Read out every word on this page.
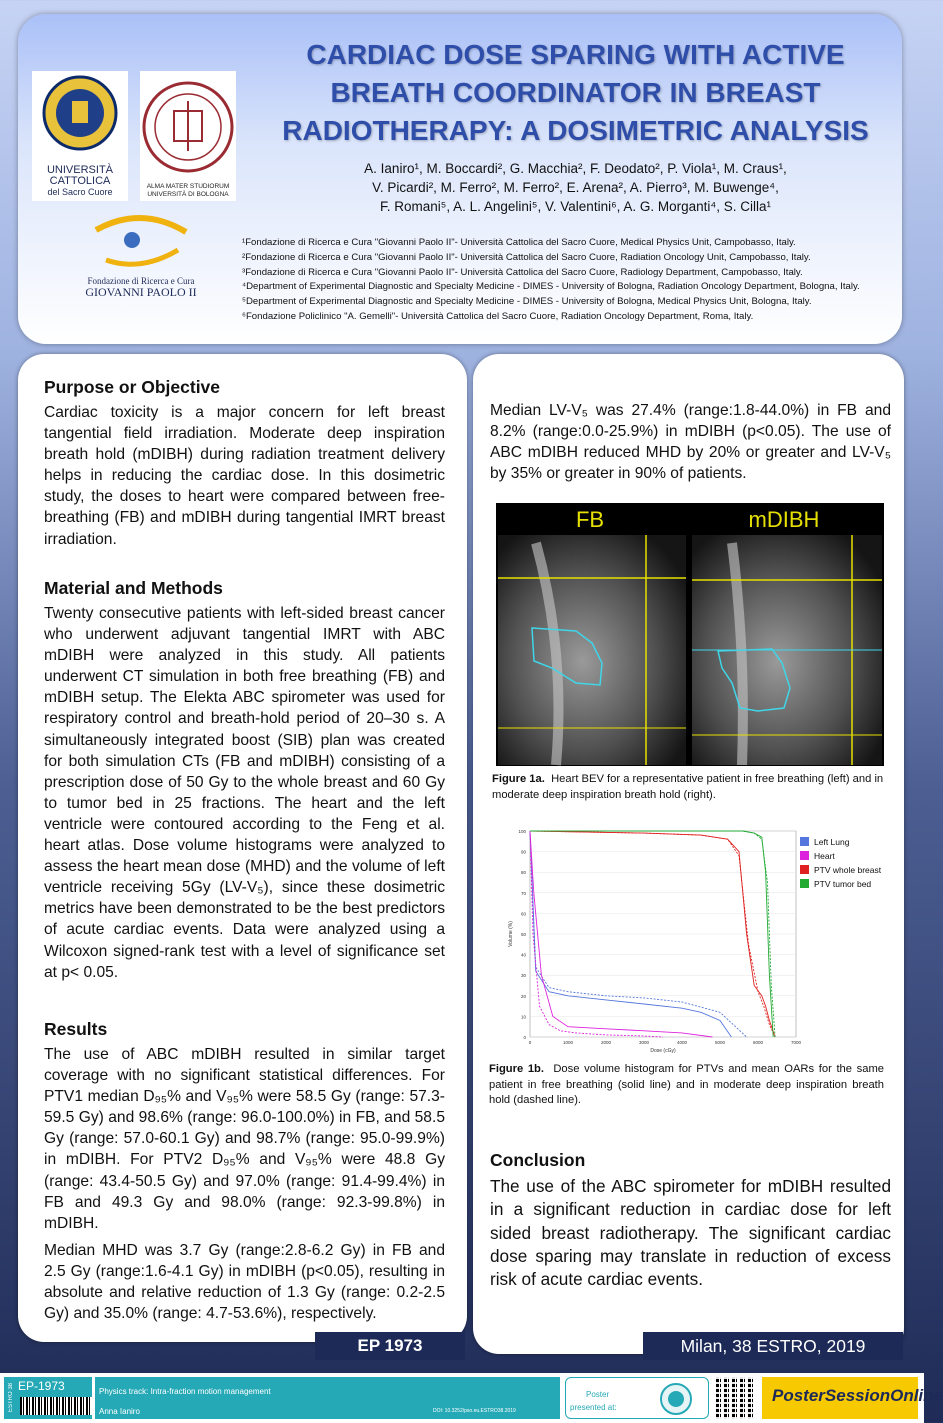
UNIVERSITÀ
CATTOLICA
del Sacro Cuore
ALMA MATER STUDIORUM
UNIVERSITÀ DI BOLOGNA
Fondazione di Ricerca e Cura
GIOVANNI PAOLO II
CARDIAC DOSE SPARING WITH ACTIVE
BREATH COORDINATOR IN BREAST
RADIOTHERAPY: A DOSIMETRIC ANALYSIS
A. Ianiro¹, M. Boccardi², G. Macchia², F. Deodato², P. Viola¹, M. Craus¹,
V. Picardi², M. Ferro², M. Ferro², E. Arena², A. Pierro³, M. Buwenge⁴,
F. Romani⁵, A. L. Angelini⁵, V. Valentini⁶, A. G. Morganti⁴, S. Cilla¹
¹Fondazione di Ricerca e Cura "Giovanni Paolo II"- Università Cattolica del Sacro Cuore, Medical Physics Unit, Campobasso, Italy.
²Fondazione di Ricerca e Cura "Giovanni Paolo II"- Università Cattolica del Sacro Cuore, Radiation Oncology Unit, Campobasso, Italy.
³Fondazione di Ricerca e Cura "Giovanni Paolo II"- Università Cattolica del Sacro Cuore, Radiology Department, Campobasso, Italy.
⁴Department of Experimental Diagnostic and Specialty Medicine - DIMES - University of Bologna, Radiation Oncology Department, Bologna, Italy.
⁵Department of Experimental Diagnostic and Specialty Medicine - DIMES - University of Bologna, Medical Physics Unit, Bologna, Italy.
⁶Fondazione Policlinico "A. Gemelli"- Università Cattolica del Sacro Cuore, Radiation Oncology Department, Roma, Italy.
Purpose or Objective
Cardiac toxicity is a major concern for left breast tangential field irradiation. Moderate deep inspiration breath hold (mDIBH) during radiation treatment delivery helps in reducing the cardiac dose. In this dosimetric study, the doses to heart were compared between free-breathing (FB) and mDIBH during tangential IMRT breast irradiation.
Material and Methods
Twenty consecutive patients with left-sided breast cancer who underwent adjuvant tangential IMRT with ABC mDIBH were analyzed in this study. All patients underwent CT simulation in both free breathing (FB) and mDIBH setup. The Elekta ABC spirometer was used for respiratory control and breath-hold period of 20–30 s. A simultaneously integrated boost (SIB) plan was created for both simulation CTs (FB and mDIBH) consisting of a prescription dose of 50 Gy to the whole breast and 60 Gy to tumor bed in 25 fractions. The heart and the left ventricle were contoured according to the Feng et al. heart atlas. Dose volume histograms were analyzed to assess the heart mean dose (MHD) and the volume of left ventricle receiving 5Gy (LV-V₅), since these dosimetric metrics have been demonstrated to be the best predictors of acute cardiac events. Data were analyzed using a Wilcoxon signed-rank test with a level of significance set at p< 0.05.
Results
The use of ABC mDIBH resulted in similar target coverage with no significant statistical differences. For PTV1 median D₉₅% and V₉₅% were 58.5 Gy (range: 57.3-59.5 Gy) and 98.6% (range: 96.0-100.0%) in FB, and 58.5 Gy (range: 57.0-60.1 Gy) and 98.7% (range: 95.0-99.9%) in mDIBH. For PTV2 D₉₅% and V₉₅% were 48.8 Gy (range: 43.4-50.5 Gy) and 97.0% (range: 91.4-99.4%) in FB and 49.3 Gy and 98.0% (range: 92.3-99.8%) in mDIBH.
Median MHD was 3.7 Gy (range:2.8-6.2 Gy) in FB and 2.5 Gy (range:1.6-4.1 Gy) in mDIBH (p<0.05), resulting in absolute and relative reduction of 1.3 Gy (range: 0.2-2.5 Gy) and 35.0% (range: 4.7-53.6%), respectively.
Median LV-V₅ was 27.4% (range:1.8-44.0%) in FB and 8.2% (range:0.0-25.9%) in mDIBH (p<0.05). The use of ABC mDIBH reduced MHD by 20% or greater and LV-V₅ by 35% or greater in 90% of patients.
FB	mDIBH
Figure 1a. Heart BEV for a representative patient in free breathing (left) and in moderate deep inspiration breath hold (right).
0
10
20
30
40
50
60
70
80
90
100
0	1000	2000	3000	4000	5000	6000	7000
Dose (cGy)
Volume (%)
Left Lung
Heart
PTV whole breast
PTV tumor bed
Figure 1b. Dose volume histogram for PTVs and mean OARs for the same patient in free breathing (solid line) and in moderate deep inspiration breath hold (dashed line).
Conclusion
The use of the ABC spirometer for mDIBH resulted in a significant reduction in cardiac dose for left sided breast radiotherapy. The significant cardiac dose sparing may translate in reduction of excess risk of acute cardiac events.
EP 1973	Milan, 38 ESTRO, 2019
ESTRO 38 EP-1973	Physics track: Intra-fraction motion management
Anna Ianiro	DOI: 10.3252/pso.eu.ESTRO38.2019
Poster
presented at:
PosterSessionOnline
